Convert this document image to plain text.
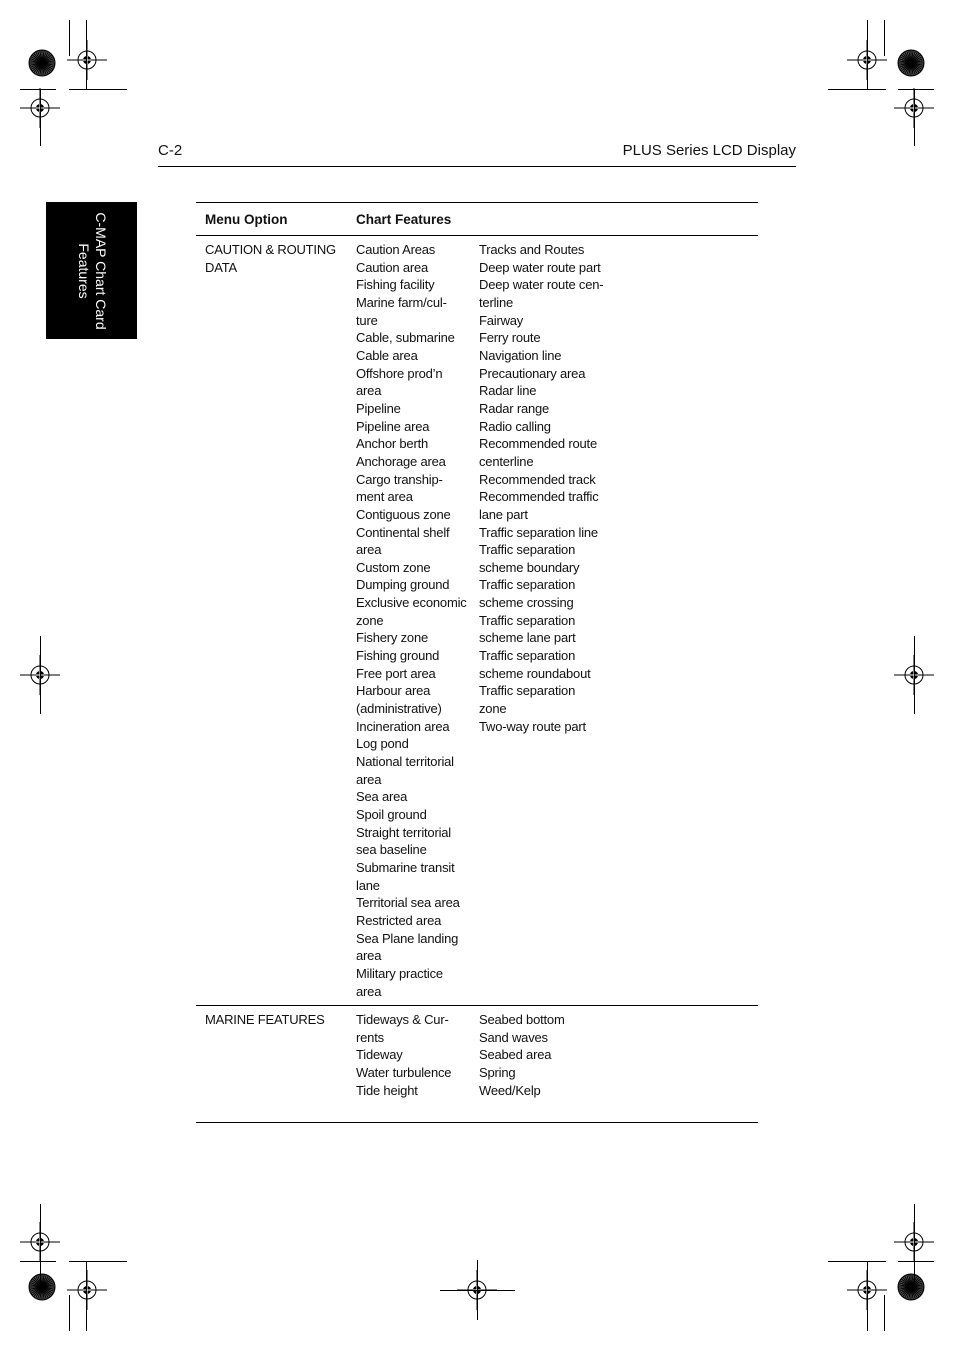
C-2	PLUS Series LCD Display
C-MAP Chart Card
Features
Menu Option	Chart Features
CAUTION & ROUTING
DATA
Caution Areas
Caution area
Fishing facility
Marine farm/cul-
ture
Cable, submarine
Cable area
Offshore prod’n
area
Pipeline
Pipeline area
Anchor berth
Anchorage area
Cargo tranship-
ment area
Contiguous zone
Continental shelf
area
Custom zone
Dumping ground
Exclusive economic
zone
Fishery zone
Fishing ground
Free port area
Harbour area
(administrative)
Incineration area
Log pond
National territorial
area
Sea area
Spoil ground
Straight territorial
sea baseline
Submarine transit
lane
Territorial sea area
Restricted area
Sea Plane landing
area
Military practice
area
Tracks and Routes
Deep water route part
Deep water route cen-
terline
Fairway
Ferry route
Navigation line
Precautionary area
Radar line
Radar range
Radio calling
Recommended route
centerline
Recommended track
Recommended traffic
lane part
Traffic separation line
Traffic separation
scheme boundary
Traffic separation
scheme crossing
Traffic separation
scheme lane part
Traffic separation
scheme roundabout
Traffic separation
zone
Two-way route part
MARINE FEATURES Tideways & Cur-
rents
Tideway
Water turbulence
Tide height
Seabed bottom
Sand waves
Seabed area
Spring
Weed/Kelp
